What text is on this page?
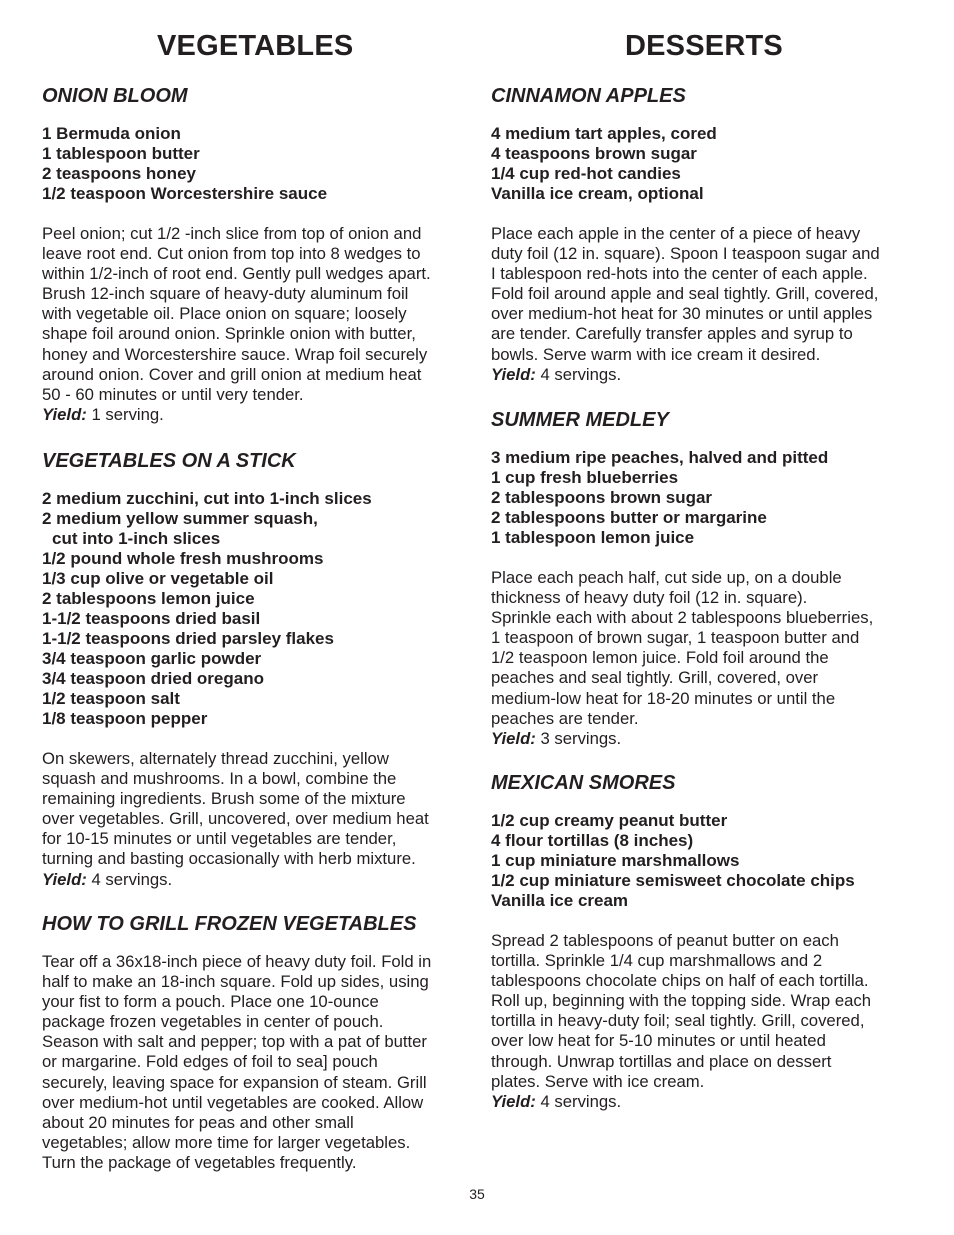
VEGETABLES
ONION BLOOM
1 Bermuda onion
1 tablespoon butter
2 teaspoons honey
1/2 teaspoon Worcestershire sauce

Peel onion; cut 1/2 -inch slice from top of onion and
leave root end. Cut onion from top into 8 wedges to
within 1/2-inch of root end. Gently pull wedges apart.
Brush 12-inch square of heavy-duty aluminum foil
with vegetable oil. Place onion on square; loosely
shape foil around onion. Sprinkle onion with butter,
honey and Worcestershire sauce. Wrap foil securely
around onion. Cover and grill onion at medium heat
50 - 60 minutes or until very tender.

Yield: 1 serving.
VEGETABLES ON A STICK
2 medium zucchini, cut into 1-inch slices
2 medium yellow summer squash,
cut into 1-inch slices
1/2 pound whole fresh mushrooms
1/3 cup olive or vegetable oil
2 tablespoons lemon juice
1-1/2 teaspoons dried basil
1-1/2 teaspoons dried parsley flakes
3/4 teaspoon garlic powder
3/4 teaspoon dried oregano
1/2 teaspoon salt
1/8 teaspoon pepper

On skewers, alternately thread zucchini, yellow
squash and mushrooms. In a bowl, combine the
remaining ingredients. Brush some of the mixture
over vegetables. Grill, uncovered, over medium heat
for 10-15 minutes or until vegetables are tender,
turning and basting occasionally with herb mixture.

Yield: 4 servings.
HOW TO GRILL FROZEN VEGETABLES

Tear off a 36x18-inch piece of heavy duty foil. Fold in
half to make an 18-inch square. Fold up sides, using
your fist to form a pouch. Place one 10-ounce
package frozen vegetables in center of pouch.
Season with salt and pepper; top with a pat of butter
or margarine. Fold edges of foil to sea] pouch
securely, leaving space for expansion of steam. Grill
over medium-hot until vegetables are cooked. Allow
about 20 minutes for peas and other small
vegetables; allow more time for larger vegetables.
Turn the package of vegetables frequently.

DESSERTS
CINNAMON APPLES
4 medium tart apples, cored
4 teaspoons brown sugar
1/4 cup red-hot candies
Vanilla ice cream, optional

Place each apple in the center of a piece of heavy
duty foil (12 in. square). Spoon I teaspoon sugar and
I tablespoon red-hots into the center of each apple.
Fold foil around apple and seal tightly. Grill, covered,
over medium-hot heat for 30 minutes or until apples
are tender. Carefully transfer apples and syrup to
bowls. Serve warm with ice cream it desired.

Yield: 4 servings.
SUMMER MEDLEY
3 medium ripe peaches, halved and pitted
1 cup fresh blueberries
2 tablespoons brown sugar
2 tablespoons butter or margarine
1 tablespoon lemon juice

Place each peach half, cut side up, on a double
thickness of heavy duty foil (12 in. square).
Sprinkle each with about 2 tablespoons blueberries,
1 teaspoon of brown sugar, 1 teaspoon butter and
1/2 teaspoon lemon juice. Fold foil around the
peaches and seal tightly. Grill, covered, over
medium-low heat for 18-20 minutes or until the
peaches are tender.

Yield: 3 servings.
MEXICAN SMORES
1/2 cup creamy peanut butter
4 flour tortillas (8 inches)
1 cup miniature marshmallows
1/2 cup miniature semisweet chocolate chips
Vanilla ice cream

Spread 2 tablespoons of peanut butter on each
tortilla. Sprinkle 1/4 cup marshmallows and 2
tablespoons chocolate chips on half of each tortilla.
Roll up, beginning with the topping side. Wrap each
tortilla in heavy-duty foil; seal tightly. Grill, covered,
over low heat for 5-10 minutes or until heated
through. Unwrap tortillas and place on dessert
plates. Serve with ice cream.

Yield: 4 servings.
35
